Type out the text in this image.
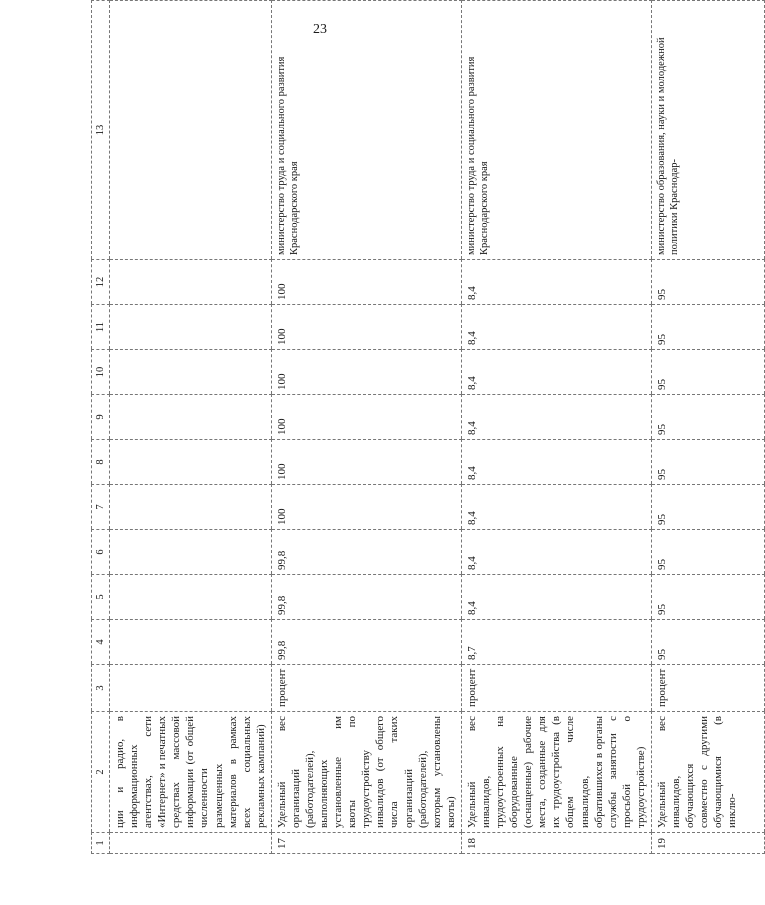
23
1	2	3	4	5	6	7	8	9	10	11	12	13
	ции и радио, в информационных агентствах, сети «Интернет» и печатных средствах массовой информации (от общей численности размещенных материалов в рамках всех социальных рекламных кампаний)											
17	Удельный вес организаций (работодателей), выполняющих установленные им квоты по трудоустройству инвалидов (от общего числа таких организаций (работодателей), которым установлены квоты)	процент	99,8	99,8	99,8	100	100	100	100	100	100	министерство труда и социального развития Краснодарского края
18	Удельный вес инвалидов, трудоустроенных на оборудованные (оснащенные) рабочие места, созданные для их трудоустройства (в общем числе инвалидов, обратившихся в органы службы занятости с просьбой о трудоустройстве)	процент	8,7	8,4	8,4	8,4	8,4	8,4	8,4	8,4	8,4	министерство труда и социального развития Краснодарского края
19	Удельный вес инвалидов, обучающихся совместно с другими обучающимися (в инклю-	процент	95	95	95	95	95	95	95	95	95	министерство образования, науки и молодежной политики Краснодар-
